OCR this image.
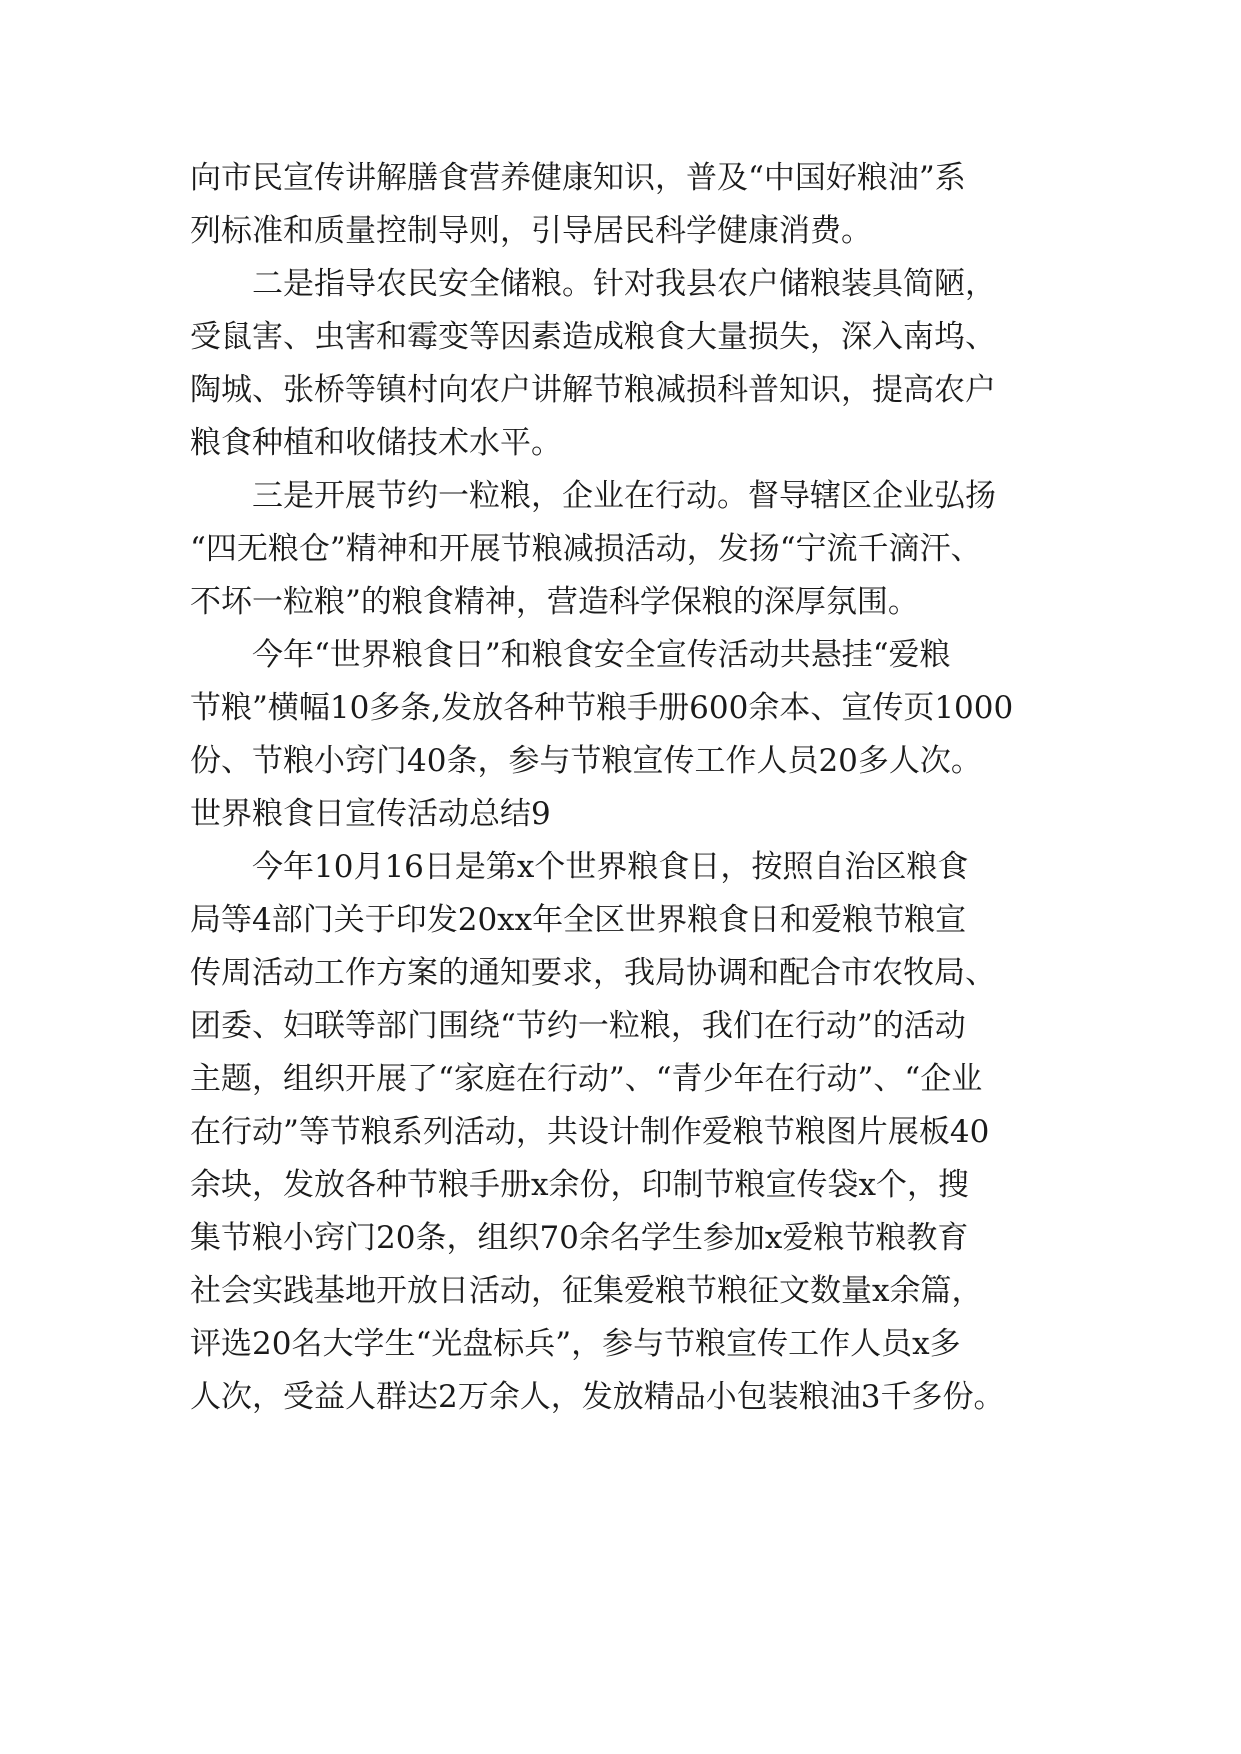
向市民宣传讲解膳食营养健康知识，普及“中国好粮油”系
列标准和质量控制导则，引导居民科学健康消费。
二是指导农民安全储粮。针对我县农户储粮装具简陋，
受鼠害、虫害和霉变等因素造成粮食大量损失，深入南坞、
陶城、张桥等镇村向农户讲解节粮减损科普知识，提高农户
粮食种植和收储技术水平。
三是开展节约一粒粮，企业在行动。督导辖区企业弘扬
“四无粮仓”精神和开展节粮减损活动，发扬“宁流千滴汗、
不坏一粒粮”的粮食精神，营造科学保粮的深厚氛围。
今年“世界粮食日”和粮食安全宣传活动共悬挂“爱粮
节粮”横幅10多条,发放各种节粮手册600余本、宣传页1000
份、节粮小窍门40条，参与节粮宣传工作人员20多人次。
世界粮食日宣传活动总结9
今年10月16日是第x个世界粮食日，按照自治区粮食
局等4部门关于印发20xx年全区世界粮食日和爱粮节粮宣
传周活动工作方案的通知要求，我局协调和配合市农牧局、
团委、妇联等部门围绕“节约一粒粮，我们在行动”的活动
主题，组织开展了“家庭在行动”、“青少年在行动”、“企业
在行动”等节粮系列活动，共设计制作爱粮节粮图片展板40
余块，发放各种节粮手册x余份，印制节粮宣传袋x个，搜
集节粮小窍门20条，组织70余名学生参加x爱粮节粮教育
社会实践基地开放日活动，征集爱粮节粮征文数量x余篇，
评选20名大学生“光盘标兵”，参与节粮宣传工作人员x多
人次，受益人群达2万余人，发放精品小包装粮油3千多份。
